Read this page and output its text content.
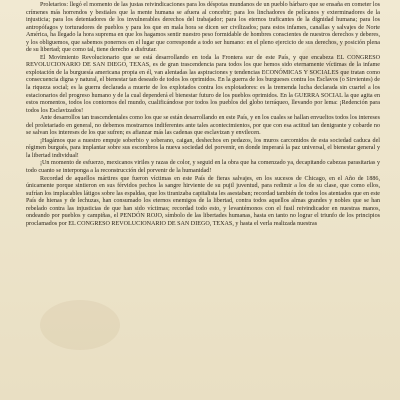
Proletarios: llegó el momento de las justas reivindicaciones para los déspotas mundanos de un pueblo bárbaro que se ensaña en cometer los crímenes más horrendos y bestiales que la mente humana se afuera al concebir; para los linchadores de pelícanos y exterminadores de la injusticia; para los detentadores de los invulnerables derechos del trabajador; para los eternos traficantes de la dignidad humana; para los antropófagos y torturadores de pueblos y para los que en mala hora se dicen ser civilizados; para estos infames, canallas y salvajes de Norte América, ha llegado la hora suprema en que los hagamos sentir nuestro peso formidable de hombres conscientes de nuestros derechos y deberes, y los obliguemos, que sabemos ponernos en el lugar que corresponde a todo ser humano: en el pleno ejercicio de sus derechos, y posición plena de su libertad; que como tal, tiene derecho a disfrutar.

El Movimiento Revolucionario que se está desarrollando en toda la Frontera sur de este País, y que encabeza EL CONGRESO REVOLUCIONARIO DE SAN DIEGO, TEXAS, es de gran trascendencia para todos los que hemos sido eternamente víctimas de la infame explotación de la burguesía americana propia en él, van alentadas las aspiraciones y tendencias ECONÓMICAS Y SOCIALES que tratan como consecuencia digna y natural, el bienestar tan deseado de todos los oprimidos. En la guerra de los burgueses contra los Esclavos (o Sirvientes) de la riqueza social; es la guerra declarada a muerte de los explotados contra los explotadores: es la tremenda lucha declarada sin cuartel a los estacionarios del progreso humano y de la cual dependerá el bienestar futuro de los pueblos oprimidos. En la GUERRA SOCIAL la que agita en estos momentos, todos los contornos del mundo, cualificándose por todos los pueblos del globo terráqueo, llevando por lema: ¡Redención para todos los Esclavizados!

Ante desarrollos tan trascendentales como los que se están desarrollando en este País, y en los cuales se hallan envueltos todos los intereses del proletariado en general, no debemos mostrarnos indiferentes ante tales acontecimientos, por que con esa actitud tan denigrante y cobarde no se salvan los intereses de los que sufren; es afianzar más las cadenas que esclavizan y envilecen.

¡Hagámos que a nuestro empuje soberbio y soberano, caigan, deshechos en pedazos, los muros carcomidos de esta sociedad caduca del régimen burgués, para implantar sobre sus escombros la nueva sociedad del porvenir, en donde imperará la paz universal, el bienestar general y la libertad individual!

¡Un momento de esfuerzo, mexicanos viriles y razas de color, y seguid en la obra que ha comenzado ya, decapitando cabezas parasitarias y todo cuanto se interponga a la reconstrucción del porvenir de la humanidad!

Recordad de aquellos mártires que fueron víctimas en este País de fieras salvajes, en los sucesos de Chicago, en el Año de 1886, únicamente porque sintieron en sus férvidos pechos la sangre hirviente de su pujil juventud, para redimir a los de su clase, que como ellos, sufrían los implacables látigos sobre las espaldas, que los tiranizaba capitalista les asestaban; recordad también de todos los atentados que en este País de hienas y de lechuzas, han consumado los eternos enemigos de la libertad, contra todos aquellos almas grandes y nobles que se han rebelado contra las injusticias de que han sido víctimas; recordad todo esto, y levantémonos con el fusil reivindicador en nuestras manos, ondeando por pueblos y campiñas, el PENDÓN ROJO, símbolo de las libertades humanas, hasta en tanto no lograr el triunfo de los principios proclamados por EL CONGRESO REVOLUCIONARIO DE SAN DIEGO, TEXAS, y hasta el verla realizada nuestras
